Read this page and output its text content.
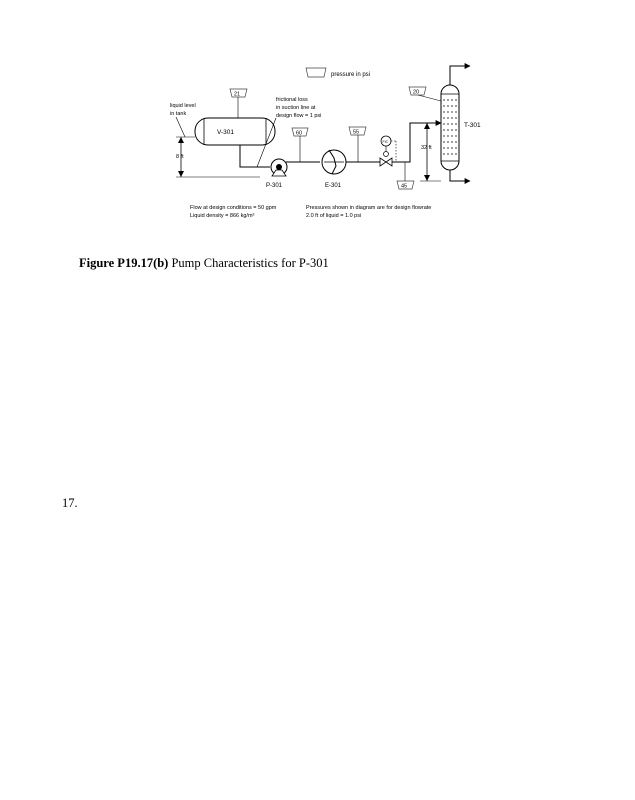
pressure in psi
V-301
liquid level
in tank
8 ft
21
frictional loss
in suction line at
design flow = 1 psi
P-301
60
E-301
55
FIC
45
T-301
20
32 ft
Flow at design conditions = 50 gpm
Liquid density = 866 kg/m³
Pressures shown in diagram are for design flowrate
2.0 ft of liquid = 1.0 psi
Figure P19.17(b) Pump Characteristics for P-301
17.
